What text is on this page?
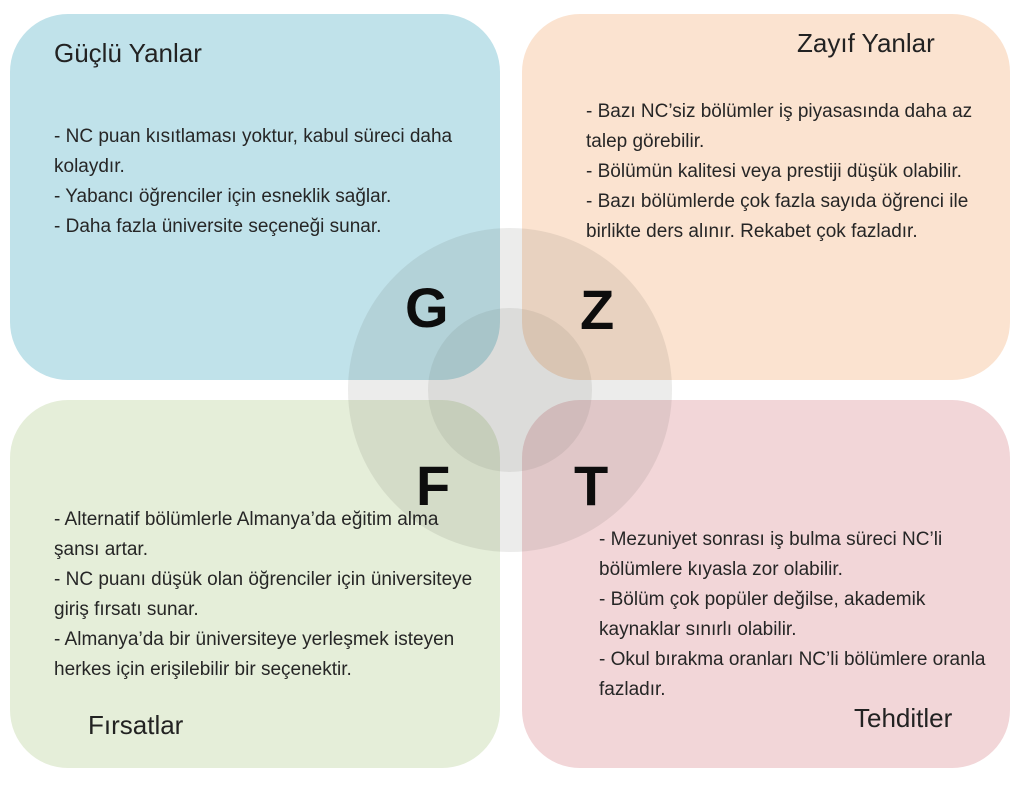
Güçlü Yanlar	Zayıf Yanlar
Fırsatlar	Tehditler
G Z
F T
- NC puan kısıtlaması yoktur, kabul süreci daha kolaydır.
- Yabancı öğrenciler için esneklik sağlar.
- Daha fazla üniversite seçeneği sunar.
- Bazı NC’siz bölümler iş piyasasında daha az talep görebilir.
- Bölümün kalitesi veya prestiji düşük olabilir.
- Bazı bölümlerde çok fazla sayıda öğrenci ile birlikte ders alınır. Rekabet çok fazladır.
- Alternatif bölümlerle Almanya’da eğitim alma şansı artar.
- NC puanı düşük olan öğrenciler için üniversiteye giriş fırsatı sunar.
- Almanya’da bir üniversiteye yerleşmek isteyen herkes için erişilebilir bir seçenektir.
- Mezuniyet sonrası iş bulma süreci NC’li bölümlere kıyasla zor olabilir.
- Bölüm çok popüler değilse, akademik kaynaklar sınırlı olabilir.
- Okul bırakma oranları NC’li bölümlere oranla fazladır.
